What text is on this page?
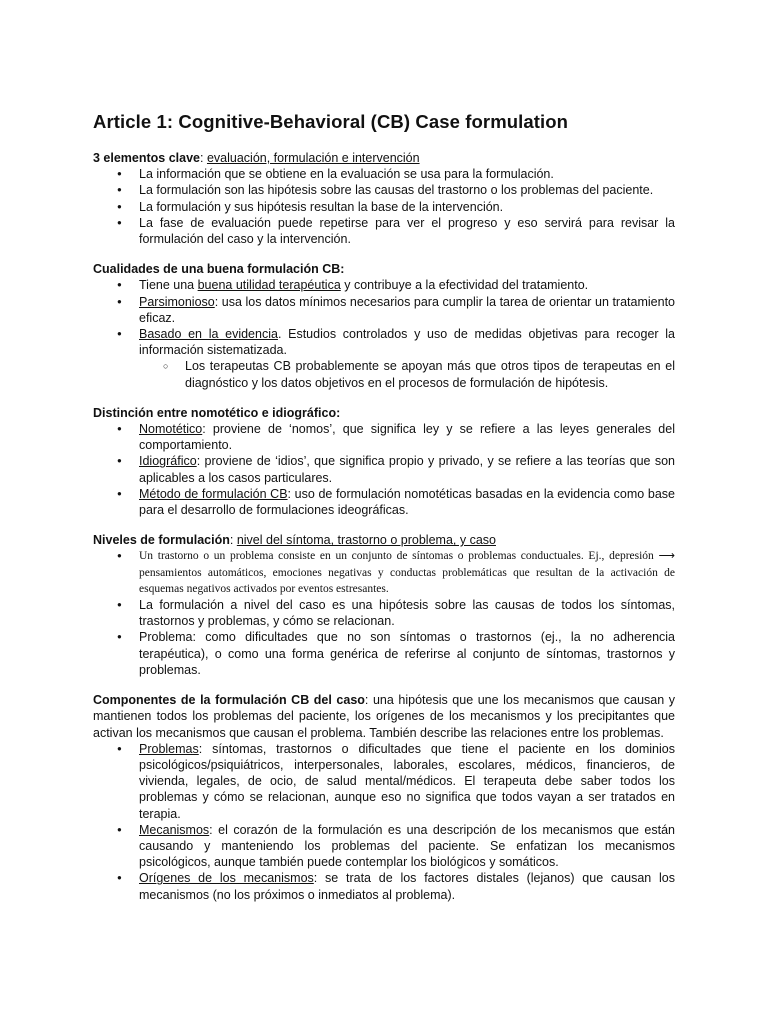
Article 1: Cognitive-Behavioral (CB) Case formulation
3 elementos clave: evaluación, formulación e intervención
● La información que se obtiene en la evaluación se usa para la formulación.
● La formulación son las hipótesis sobre las causas del trastorno o los problemas del paciente.
● La formulación y sus hipótesis resultan la base de la intervención.
● La fase de evaluación puede repetirse para ver el progreso y eso servirá para revisar la formulación del caso y la intervención.
Cualidades de una buena formulación CB:
● Tiene una buena utilidad terapéutica y contribuye a la efectividad del tratamiento.
● Parsimonioso: usa los datos mínimos necesarios para cumplir la tarea de orientar un tratamiento eficaz.
● Basado en la evidencia. Estudios controlados y uso de medidas objetivas para recoger la información sistematizada.
○ Los terapeutas CB probablemente se apoyan más que otros tipos de terapeutas en el diagnóstico y los datos objetivos en el procesos de formulación de hipótesis.
Distinción entre nomotético e idiográfico:
● Nomotético: proviene de ‘nomos’, que significa ley y se refiere a las leyes generales del comportamiento.
● Idiográfico: proviene de ‘idios’, que significa propio y privado, y se refiere a las teorías que son aplicables a los casos particulares.
● Método de formulación CB: uso de formulación nomotéticas basadas en la evidencia como base para el desarrollo de formulaciones ideográficas.
Niveles de formulación: nivel del síntoma, trastorno o problema, y caso
● Un trastorno o un problema consiste en un conjunto de síntomas o problemas conductuales. Ej., depresión ⟶ pensamientos automáticos, emociones negativas y conductas problemáticas que resultan de la activación de esquemas negativos activados por eventos estresantes.
● La formulación a nivel del caso es una hipótesis sobre las causas de todos los síntomas, trastornos y problemas, y cómo se relacionan.
● Problema: como dificultades que no son síntomas o trastornos (ej., la no adherencia terapéutica), o como una forma genérica de referirse al conjunto de síntomas, trastornos y problemas.
Componentes de la formulación CB del caso: una hipótesis que une los mecanismos que causan y mantienen todos los problemas del paciente, los orígenes de los mecanismos y los precipitantes que activan los mecanismos que causan el problema. También describe las relaciones entre los problemas.
● Problemas: síntomas, trastornos o dificultades que tiene el paciente en los dominios psicológicos/psiquiátricos, interpersonales, laborales, escolares, médicos, financieros, de vivienda, legales, de ocio, de salud mental/médicos. El terapeuta debe saber todos los problemas y cómo se relacionan, aunque eso no significa que todos vayan a ser tratados en terapia.
● Mecanismos: el corazón de la formulación es una descripción de los mecanismos que están causando y manteniendo los problemas del paciente. Se enfatizan los mecanismos psicológicos, aunque también puede contemplar los biológicos y somáticos.
● Orígenes de los mecanismos: se trata de los factores distales (lejanos) que causan los mecanismos (no los próximos o inmediatos al problema).
